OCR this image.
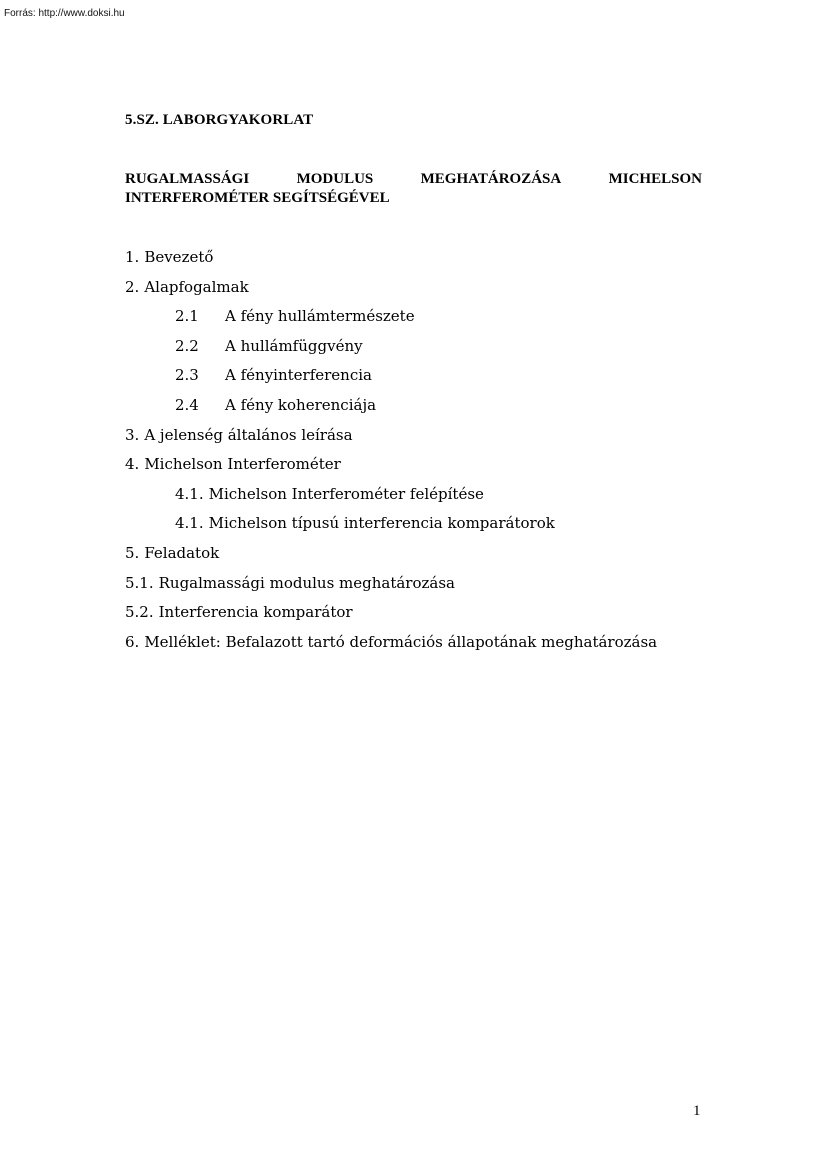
Forrás: http://www.doksi.hu
5.SZ. LABORGYAKORLAT
RUGALMASSÁGI	MODULUS	MEGHATÁROZÁSA	MICHELSON
INTERFEROMÉTER SEGÍTSÉGÉVEL
1. Bevezető
2. Alapfogalmak
2.1 A fény hullámtermészete
2.2 A hullámfüggvény
2.3 A fényinterferencia
2.4 A fény koherenciája
3. A jelenség általános leírása
4. Michelson Interferométer
4.1. Michelson Interferométer felépítése
4.1. Michelson típusú interferencia komparátorok
5. Feladatok
5.1. Rugalmassági modulus meghatározása
5.2. Interferencia komparátor
6. Melléklet: Befalazott tartó deformációs állapotának meghatározása
1
